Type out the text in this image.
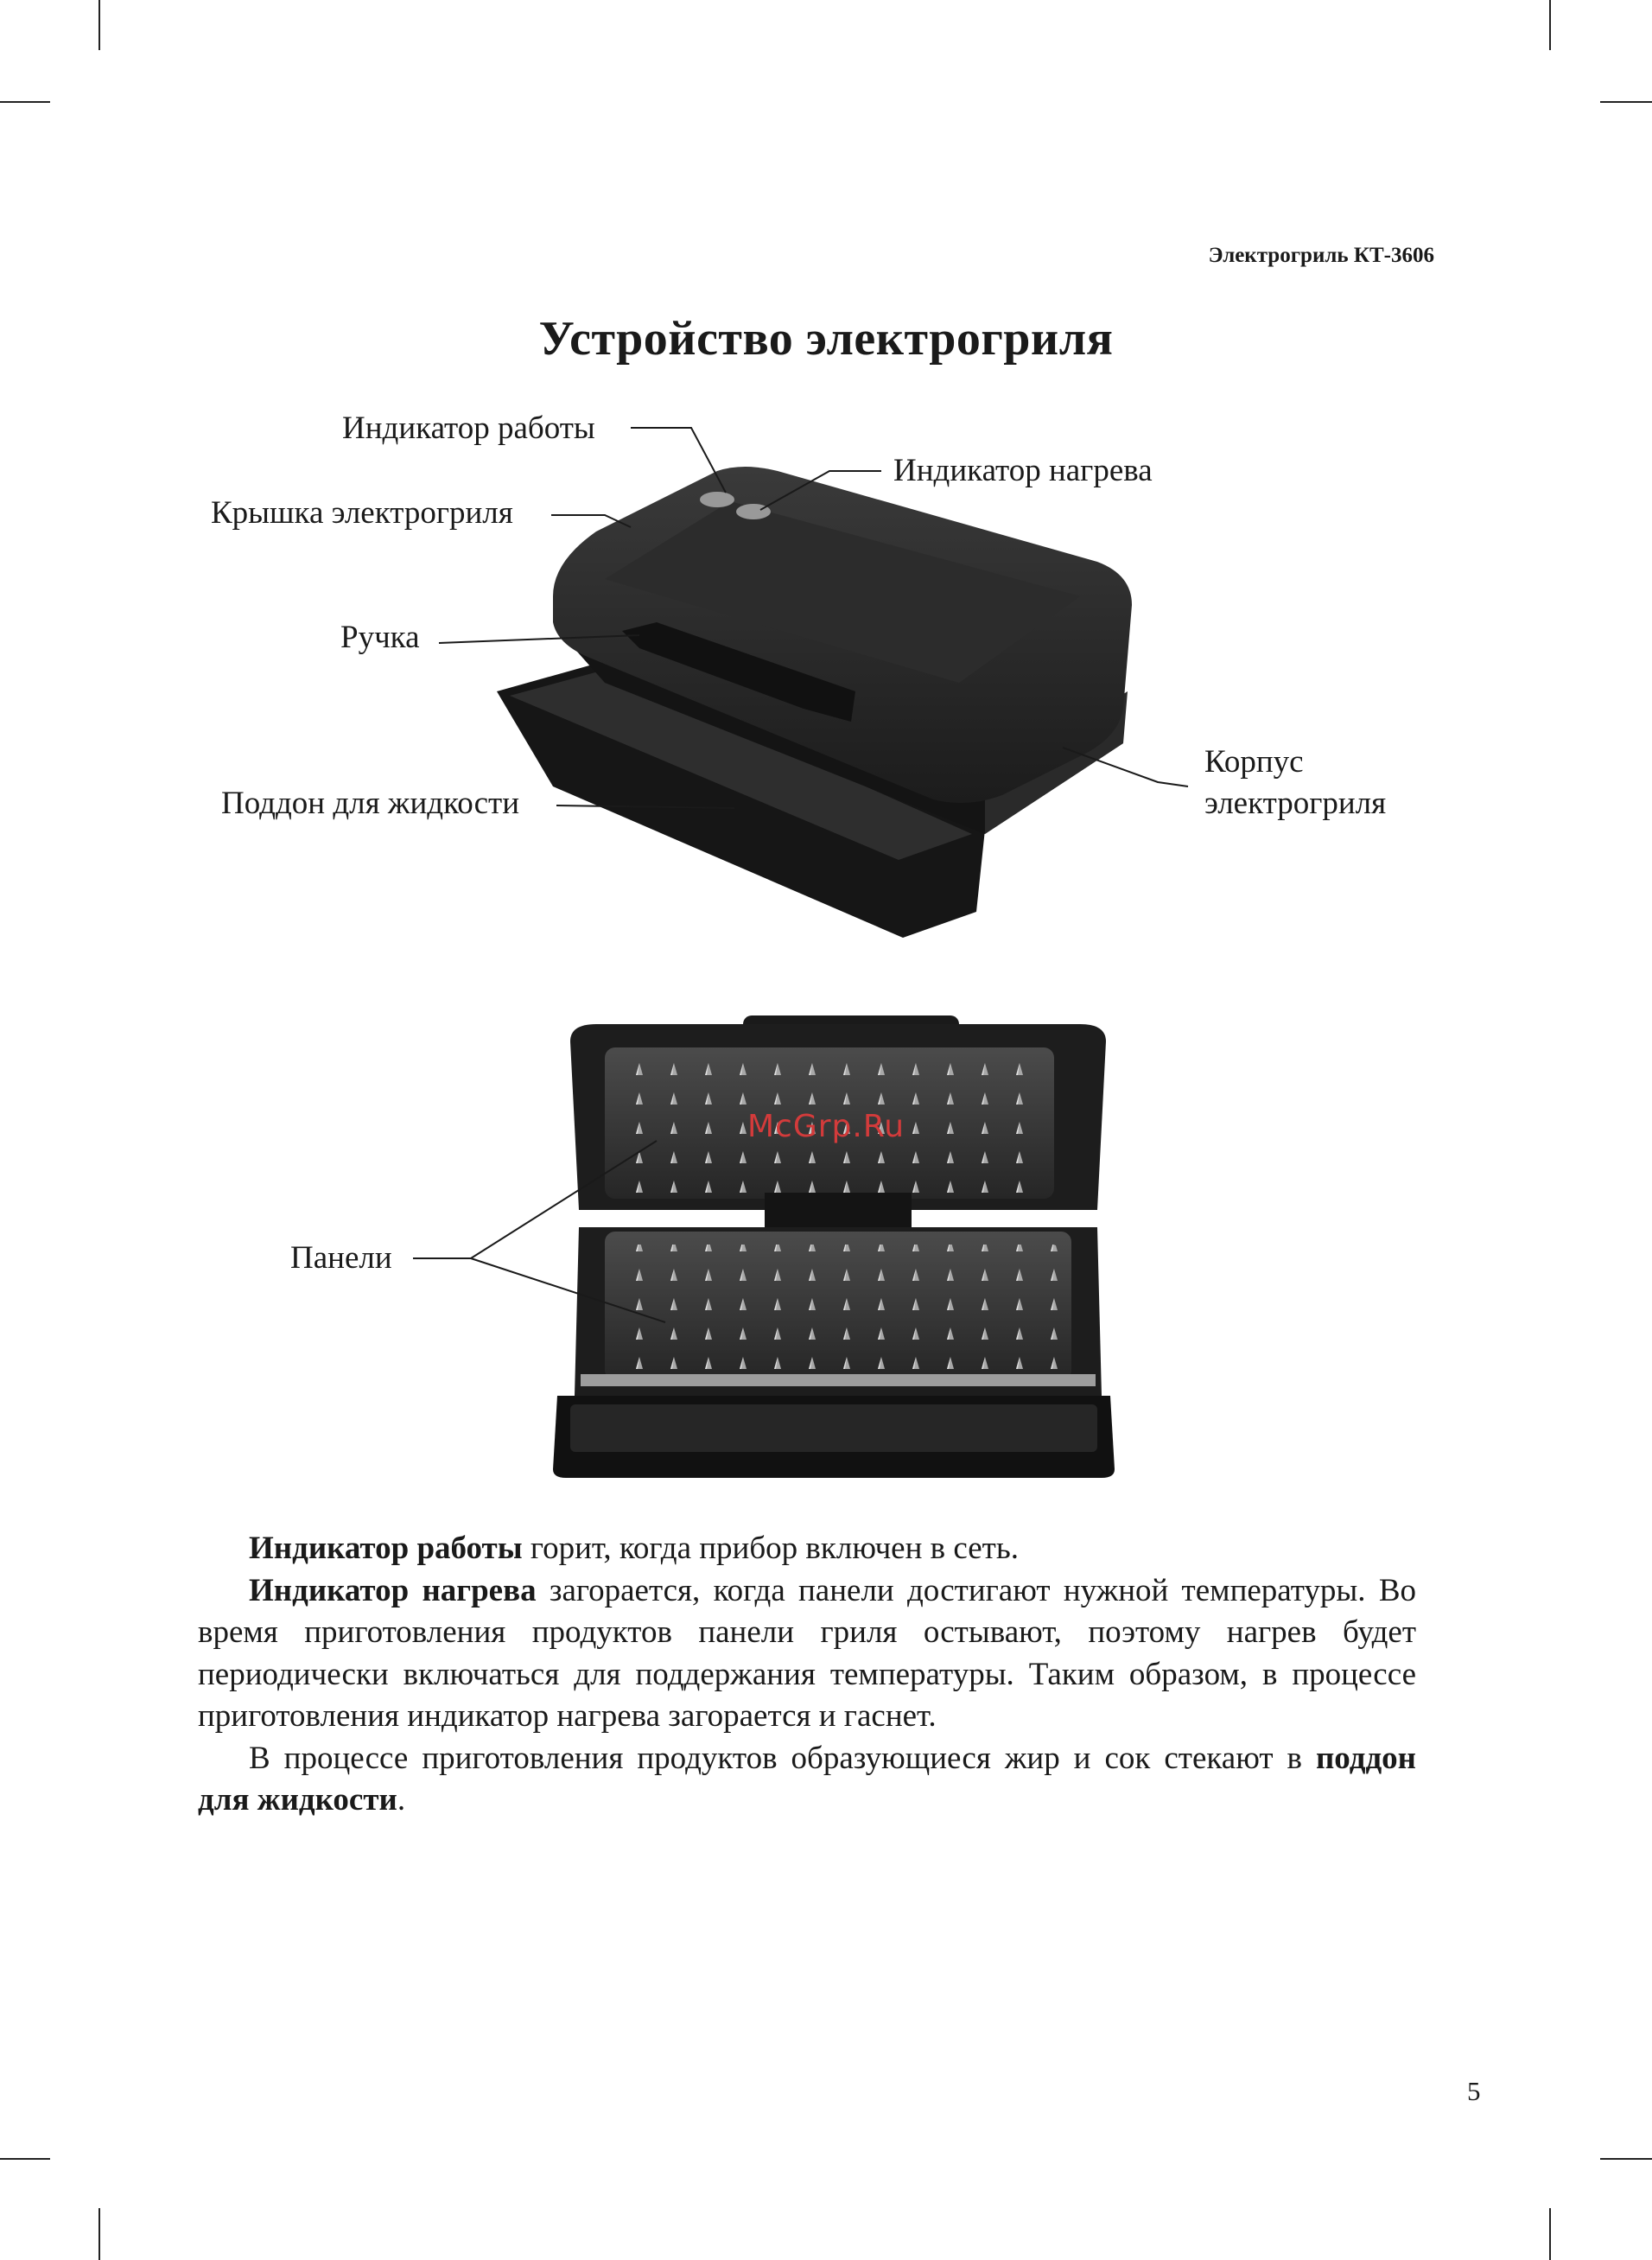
Электрогриль КТ-3606
Устройство электрогриля
Индикатор работы
Индикатор нагрева
Крышка электрогриля
Ручка
Поддон для жидкости
Корпус
электрогриля
Панели
McGrp.Ru

Индикатор работы горит, когда прибор включен в сеть.

Индикатор нагрева загорается, когда панели достигают нужной температуры. Во время приготовления продуктов панели гриля остывают, поэтому нагрев будет периодически включаться для поддержания температуры. Таким образом, в процессе приготовления индикатор нагрева загорается и гаснет.

В процессе приготовления продуктов образующиеся жир и сок стекают в поддон для жидкости.

5
